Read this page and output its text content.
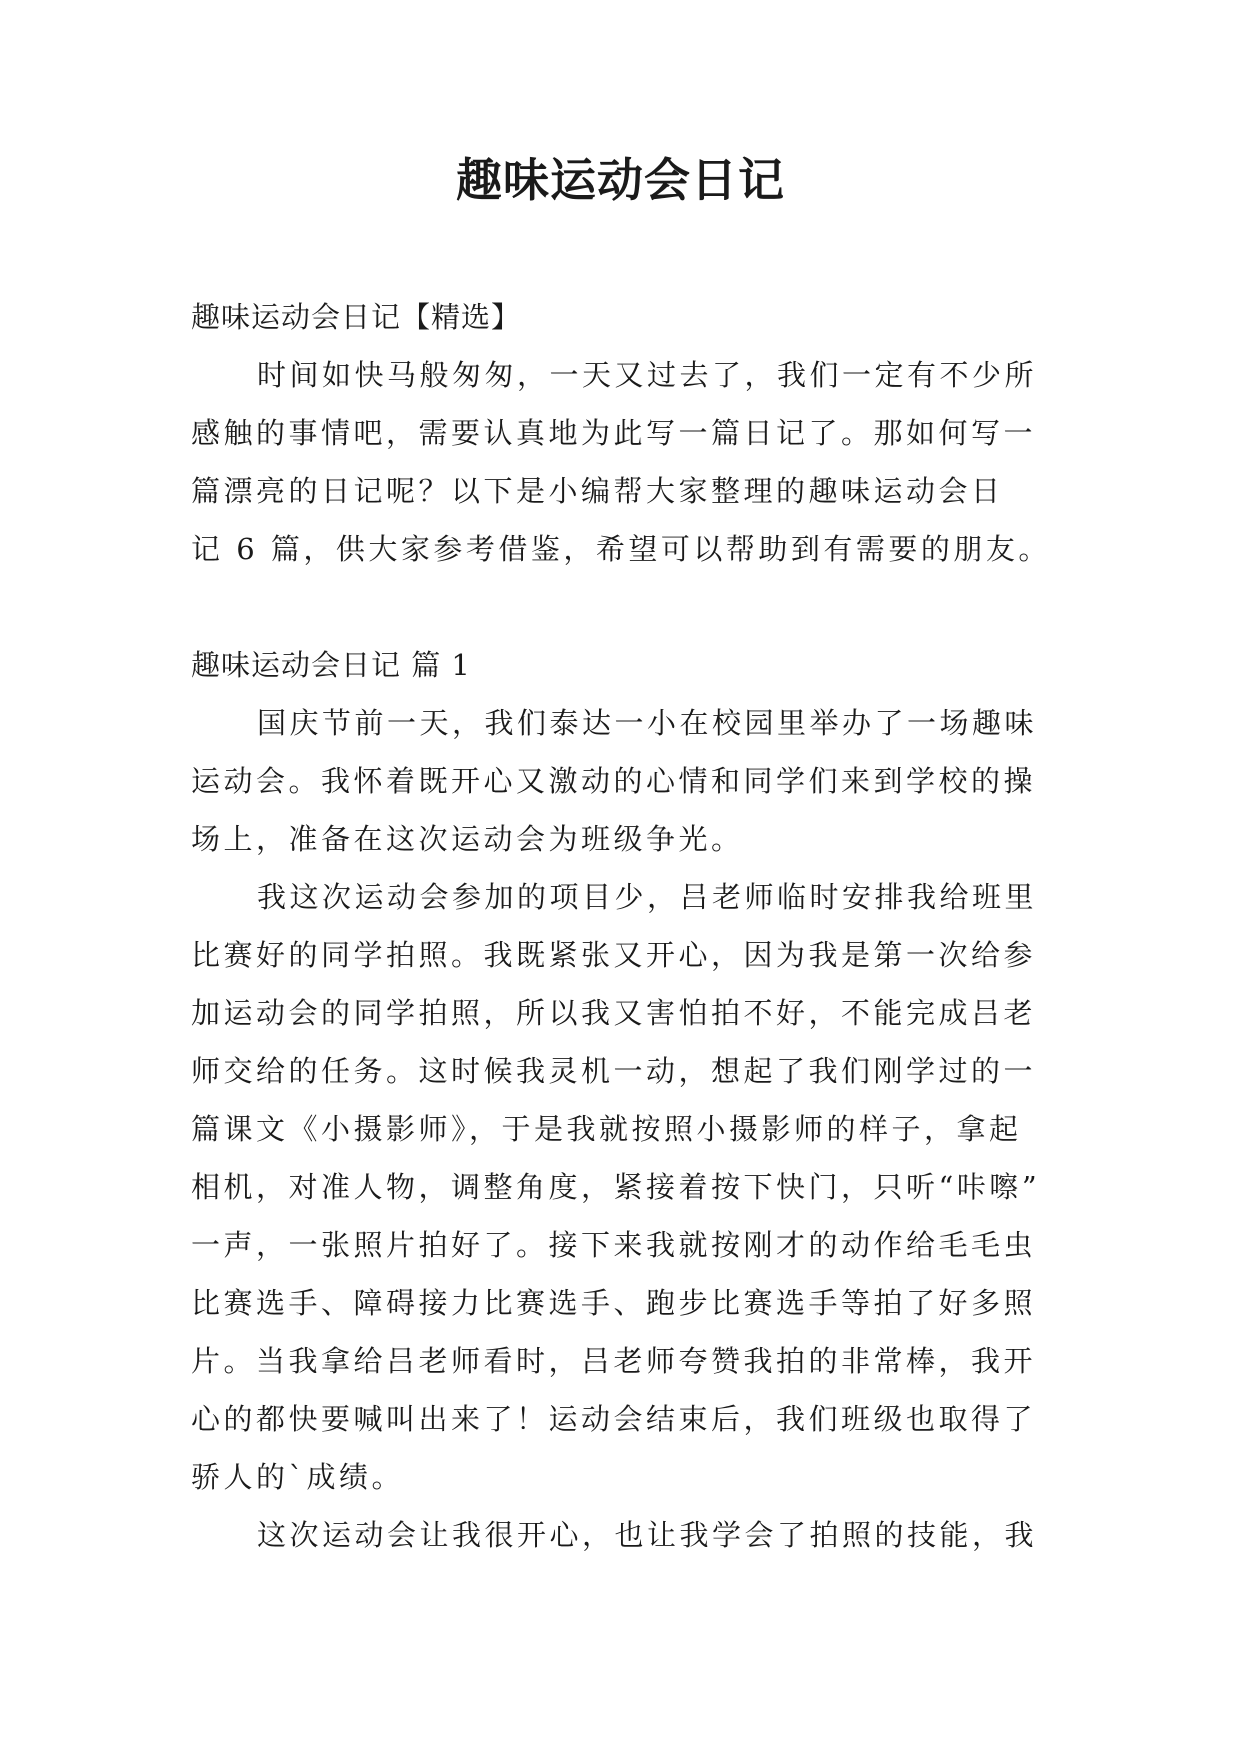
趣味运动会日记
趣味运动会日记【精选】
时间如快马般匆匆，一天又过去了，我们一定有不少所
感触的事情吧，需要认真地为此写一篇日记了。那如何写一
篇漂亮的日记呢？以下是小编帮大家整理的趣味运动会日
记 6 篇，供大家参考借鉴，希望可以帮助到有需要的朋友。
趣味运动会日记 篇 1
国庆节前一天，我们泰达一小在校园里举办了一场趣味
运动会。我怀着既开心又激动的心情和同学们来到学校的操
场上，准备在这次运动会为班级争光。
我这次运动会参加的项目少，吕老师临时安排我给班里
比赛好的同学拍照。我既紧张又开心，因为我是第一次给参
加运动会的同学拍照，所以我又害怕拍不好，不能完成吕老
师交给的任务。这时候我灵机一动，想起了我们刚学过的一
篇课文《小摄影师》，于是我就按照小摄影师的样子，拿起
相机，对准人物，调整角度，紧接着按下快门，只听“咔嚓”
一声，一张照片拍好了。接下来我就按刚才的动作给毛毛虫
比赛选手、障碍接力比赛选手、跑步比赛选手等拍了好多照
片。当我拿给吕老师看时，吕老师夸赞我拍的非常棒，我开
心的都快要喊叫出来了！运动会结束后，我们班级也取得了
骄人的`成绩。
这次运动会让我很开心，也让我学会了拍照的技能，我
